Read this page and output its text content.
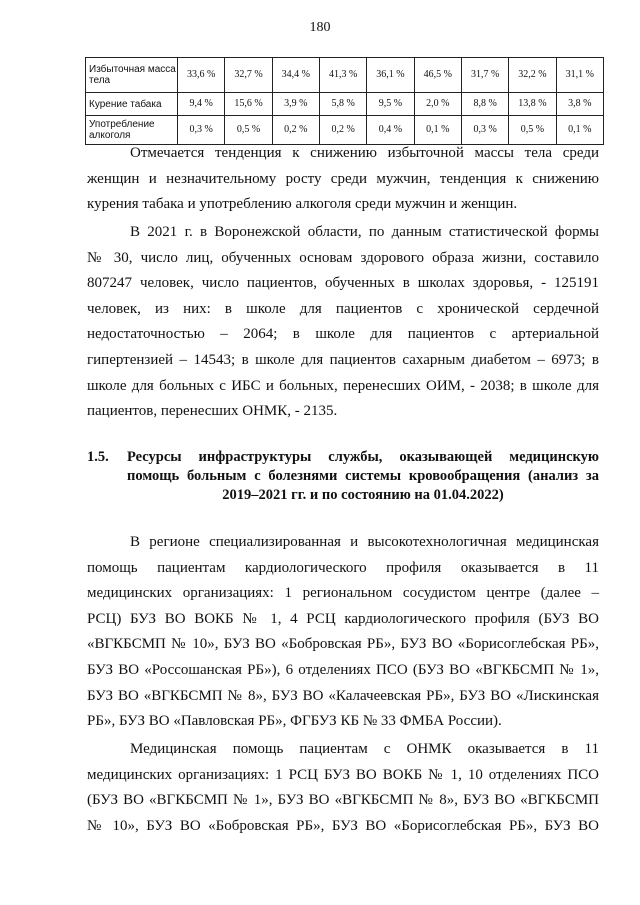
180
Избыточная масса тела	33,6 %	32,7 %	34,4 %	41,3 %	36,1 %	46,5 %	31,7 %	32,2 %	31,1 %
Курение табака	9,4 %	15,6 %	3,9 %	5,8 %	9,5 %	2,0 %	8,8 %	13,8 %	3,8 %
Употребление алкоголя	0,3 %	0,5 %	0,2 %	0,2 %	0,4 %	0,1 %	0,3 %	0,5 %	0,1 %

Отмечается тенденция к снижению избыточной массы тела среди

женщин и незначительному росту среди мужчин, тенденция к снижению

курения табака и употреблению алкоголя среди мужчин и женщин.

В 2021 г. в Воронежской области, по данным статистической формы

№ 30, число лиц, обученных основам здорового образа жизни, составило

807247 человек, число пациентов, обученных в школах здоровья, - 125191

человек, из них: в школе для пациентов с хронической сердечной

недостаточностью – 2064; в школе для пациентов с артериальной

гипертензией – 14543; в школе для пациентов сахарным диабетом – 6973; в

школе для больных с ИБС и больных, перенесших ОИМ, - 2038; в школе для

пациентов, перенесших ОНМК, - 2135.

1.5. Ресурсы инфраструктуры службы, оказывающей медицинскую
помощь больным с болезнями системы кровообращения (анализ за
2019–2021 гг. и по состоянию на 01.04.2022)

В регионе специализированная и высокотехнологичная медицинская

помощь пациентам кардиологического профиля оказывается в 11

медицинских организациях: 1 региональном сосудистом центре (далее –

РСЦ) БУЗ ВО ВОКБ № 1, 4 РСЦ кардиологического профиля (БУЗ ВО

«ВГКБСМП № 10», БУЗ ВО «Бобровская РБ», БУЗ ВО «Борисоглебская РБ»,

БУЗ ВО «Россошанская РБ»), 6 отделениях ПСО (БУЗ ВО «ВГКБСМП № 1»,

БУЗ ВО «ВГКБСМП № 8», БУЗ ВО «Калачеевская РБ», БУЗ ВО «Лискинская

РБ», БУЗ ВО «Павловская РБ», ФГБУЗ КБ № 33 ФМБА России).

Медицинская помощь пациентам с ОНМК оказывается в 11

медицинских организациях: 1 РСЦ БУЗ ВО ВОКБ № 1, 10 отделениях ПСО

(БУЗ ВО «ВГКБСМП № 1», БУЗ ВО «ВГКБСМП № 8», БУЗ ВО «ВГКБСМП

№ 10», БУЗ ВО «Бобровская РБ», БУЗ ВО «Борисоглебская РБ», БУЗ ВО
